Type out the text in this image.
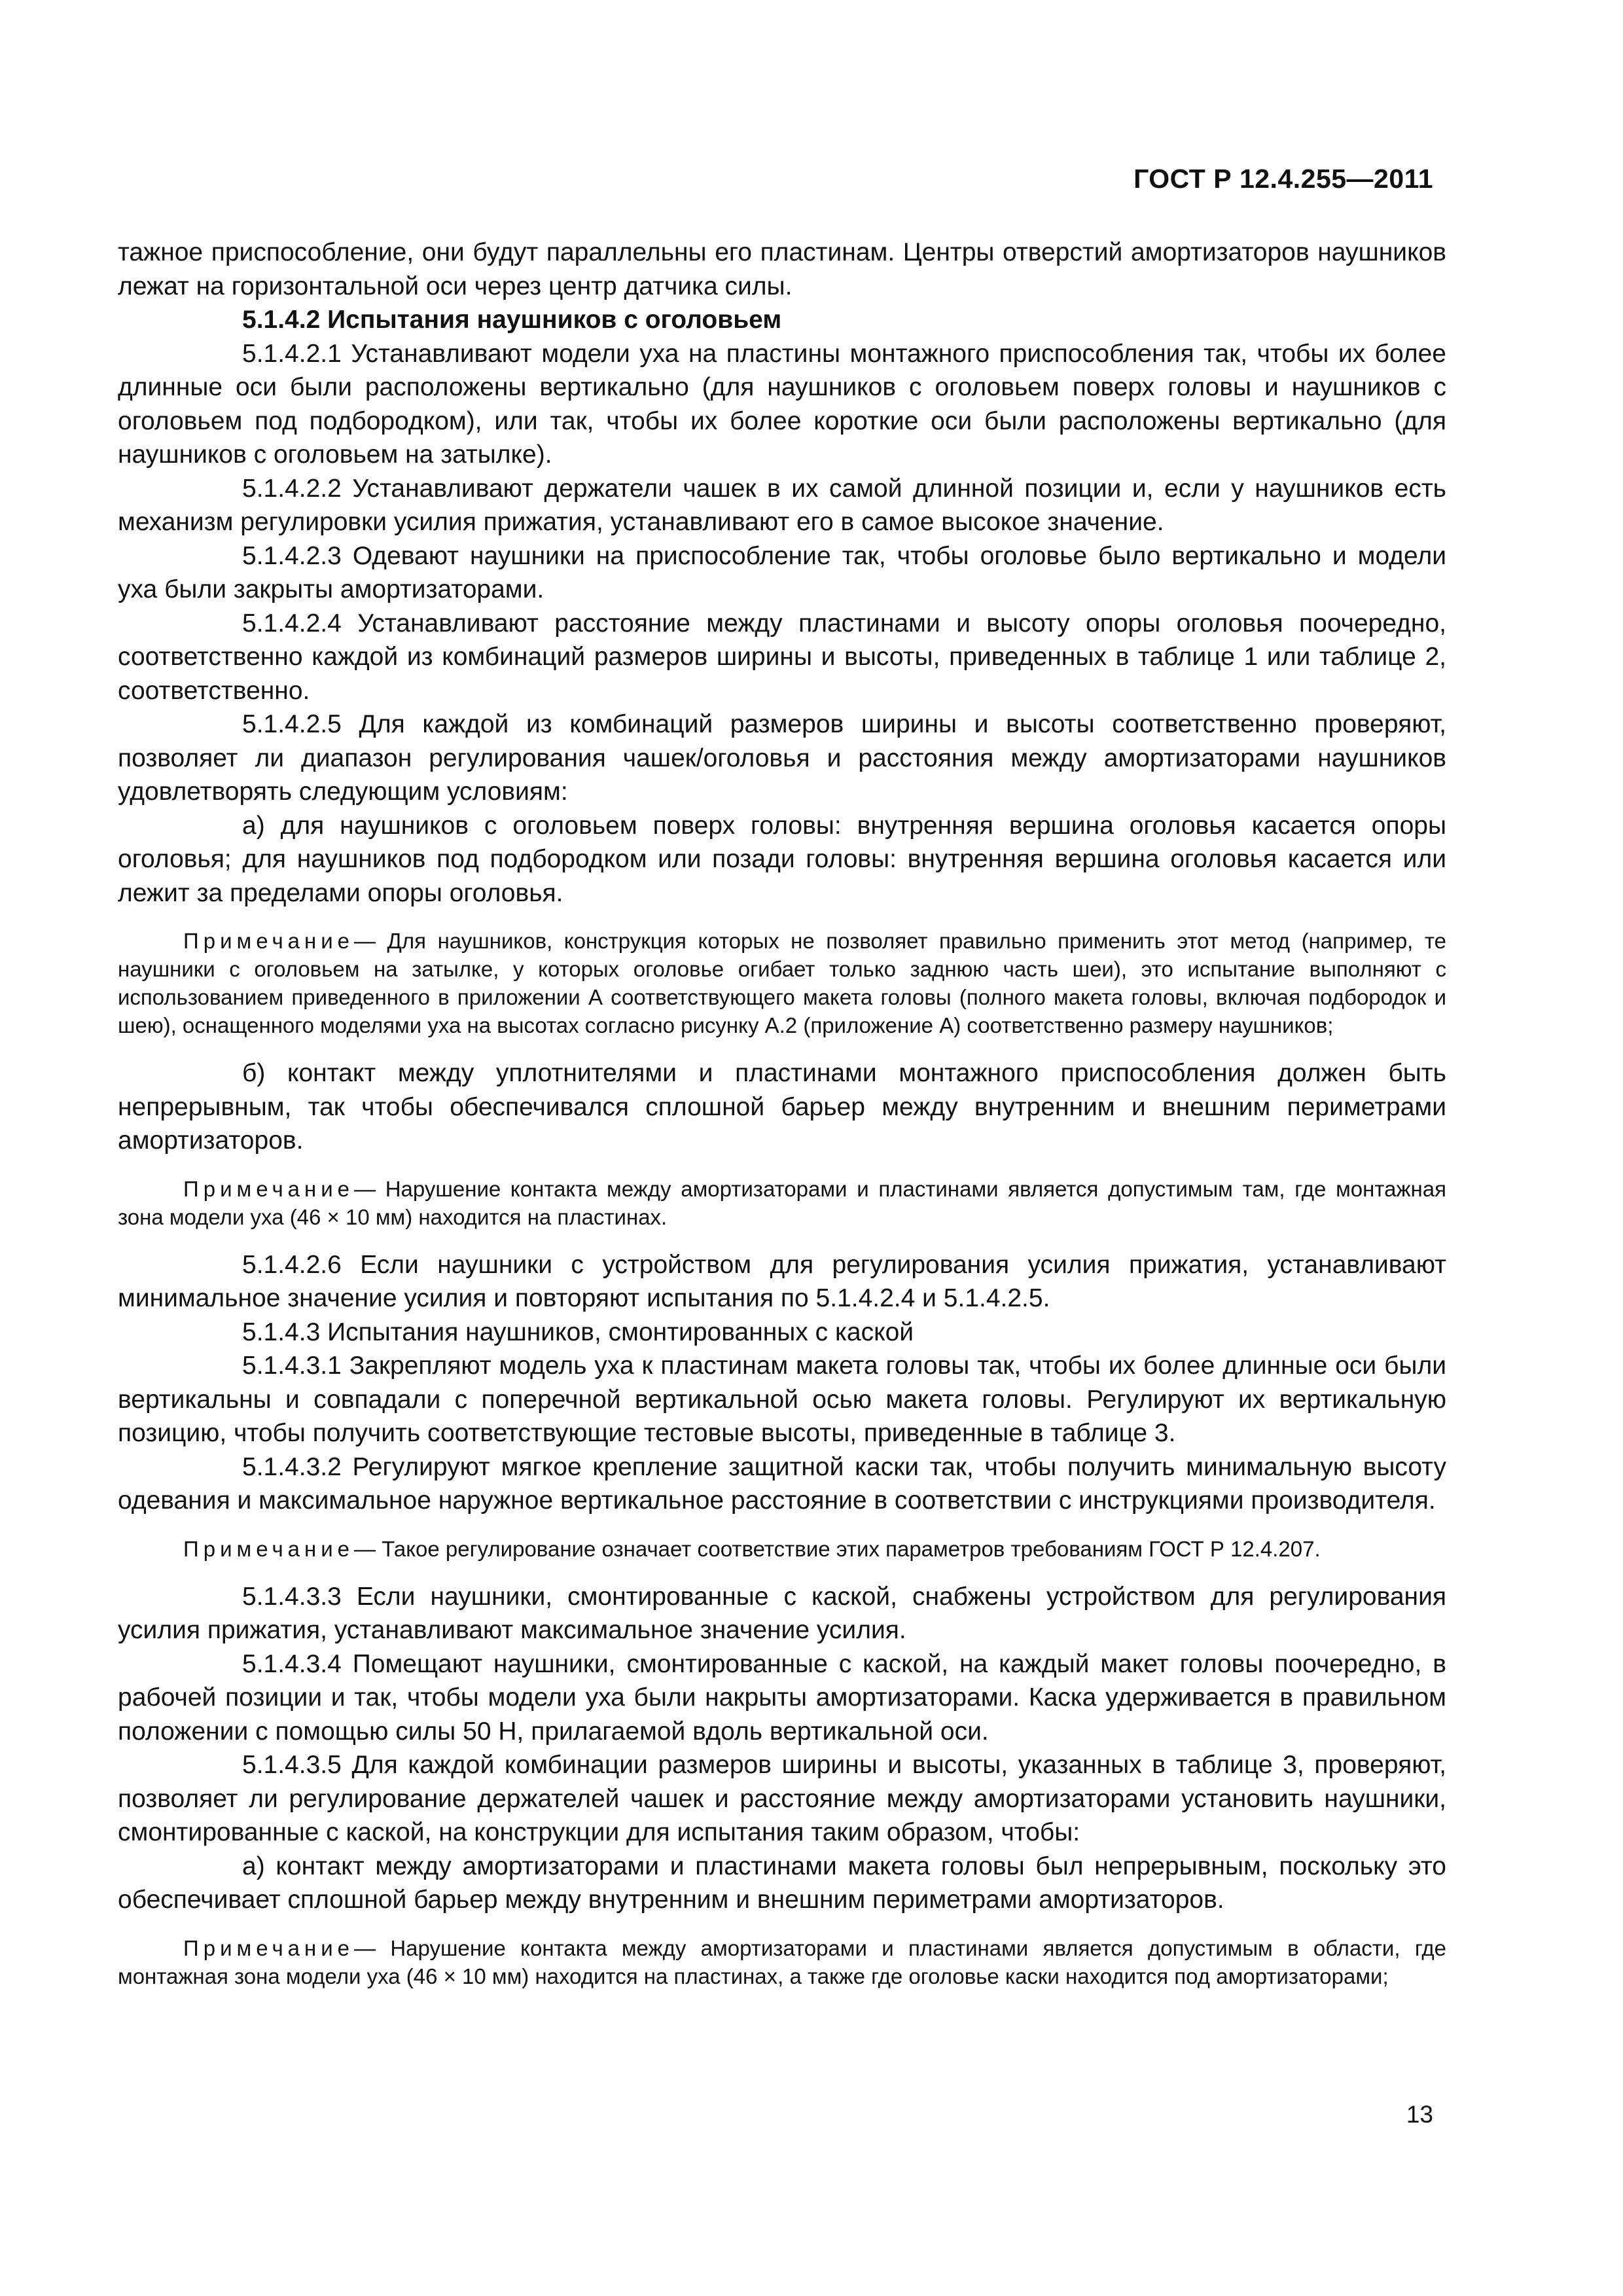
ГОСТ Р 12.4.255—2011

тажное приспособление, они будут параллельны его пластинам. Центры отверстий амортизаторов наушников лежат на горизонтальной оси через центр датчика силы.

5.1.4.2 Испытания наушников с оголовьем

5.1.4.2.1 Устанавливают модели уха на пластины монтажного приспособления так, чтобы их более длинные оси были расположены вертикально (для наушников с оголовьем поверх головы и наушников с оголовьем под подбородком), или так, чтобы их более короткие оси были расположены вертикально (для наушников с оголовьем на затылке).

5.1.4.2.2 Устанавливают держатели чашек в их самой длинной позиции и, если у наушников есть механизм регулировки усилия прижатия, устанавливают его в самое высокое значение.

5.1.4.2.3 Одевают наушники на приспособление так, чтобы оголовье было вертикально и модели уха были закрыты амортизаторами.

5.1.4.2.4 Устанавливают расстояние между пластинами и высоту опоры оголовья поочередно, соответственно каждой из комбинаций размеров ширины и высоты, приведенных в таблице 1 или таблице 2, соответственно.

5.1.4.2.5 Для каждой из комбинаций размеров ширины и высоты соответственно проверяют, позволяет ли диапазон регулирования чашек/оголовья и расстояния между амортизаторами наушников удовлетворять следующим условиям:

а) для наушников с оголовьем поверх головы: внутренняя вершина оголовья касается опоры оголовья; для наушников под подбородком или позади головы: внутренняя вершина оголовья касается или лежит за пределами опоры оголовья.

Примечание— Для наушников, конструкция которых не позволяет правильно применить этот метод (например, те наушники с оголовьем на затылке, у которых оголовье огибает только заднюю часть шеи), это испытание выполняют с использованием приведенного в приложении А соответствующего макета головы (полного макета головы, включая подбородок и шею), оснащенного моделями уха на высотах согласно рисунку А.2 (приложение А) соответственно размеру наушников;

б) контакт между уплотнителями и пластинами монтажного приспособления должен быть непрерывным, так чтобы обеспечивался сплошной барьер между внутренним и внешним периметрами амортизаторов.

Примечание— Нарушение контакта между амортизаторами и пластинами является допустимым там, где монтажная зона модели уха (46 × 10 мм) находится на пластинах.

5.1.4.2.6 Если наушники с устройством для регулирования усилия прижатия, устанавливают минимальное значение усилия и повторяют испытания по 5.1.4.2.4 и 5.1.4.2.5.

5.1.4.3 Испытания наушников, смонтированных с каской

5.1.4.3.1 Закрепляют модель уха к пластинам макета головы так, чтобы их более длинные оси были вертикальны и совпадали с поперечной вертикальной осью макета головы. Регулируют их вертикальную позицию, чтобы получить соответствующие тестовые высоты, приведенные в таблице 3.

5.1.4.3.2 Регулируют мягкое крепление защитной каски так, чтобы получить минимальную высоту одевания и максимальное наружное вертикальное расстояние в соответствии с инструкциями производителя.

Примечание— Такое регулирование означает соответствие этих параметров требованиям ГОСТ Р 12.4.207.

5.1.4.3.3 Если наушники, смонтированные с каской, снабжены устройством для регулирования усилия прижатия, устанавливают максимальное значение усилия.

5.1.4.3.4 Помещают наушники, смонтированные с каской, на каждый макет головы поочередно, в рабочей позиции и так, чтобы модели уха были накрыты амортизаторами. Каска удерживается в правильном положении с помощью силы 50 Н, прилагаемой вдоль вертикальной оси.

5.1.4.3.5 Для каждой комбинации размеров ширины и высоты, указанных в таблице 3, проверяют, позволяет ли регулирование держателей чашек и расстояние между амортизаторами установить наушники, смонтированные с каской, на конструкции для испытания таким образом, чтобы:

а) контакт между амортизаторами и пластинами макета головы был непрерывным, поскольку это обеспечивает сплошной барьер между внутренним и внешним периметрами амортизаторов.

Примечание— Нарушение контакта между амортизаторами и пластинами является допустимым в области, где монтажная зона модели уха (46 × 10 мм) находится на пластинах, а также где оголовье каски находится под амортизаторами;

13
